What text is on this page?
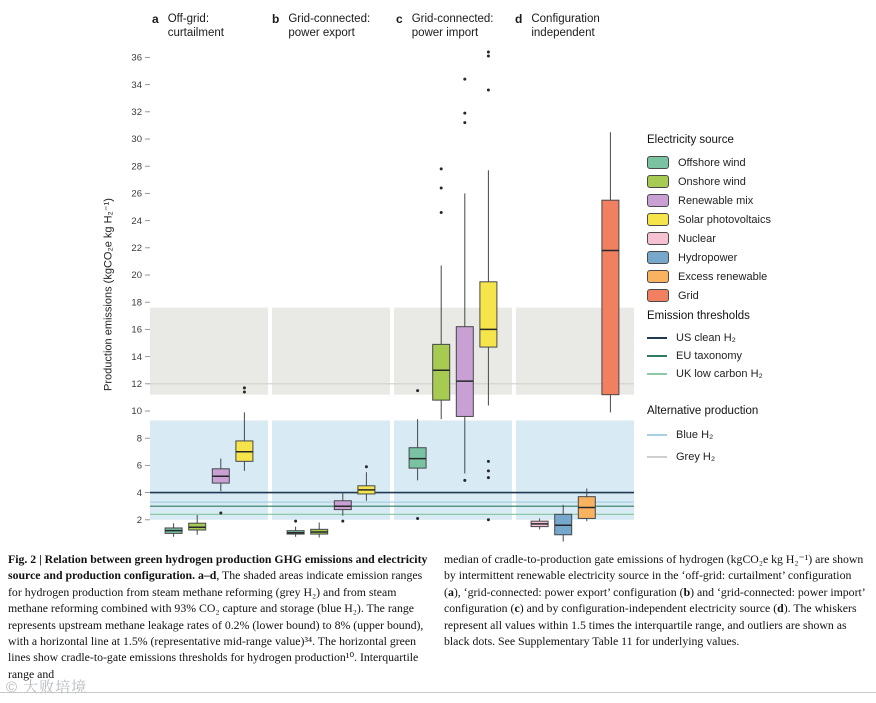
2
4
6
8
10
12
14
16
18
20
22
24
26
28
30
32
34
36
Production emissions (kgCO₂e kg H₂⁻¹)
a Off-grid:
curtailment
b Grid-connected:
power export
c Grid-connected:
power import
d Configuration
independent
Electricity source
Offshore wind
Onshore wind
Renewable mix
Solar photovoltaics
Nuclear
Hydropower
Excess renewable
Grid
Emission thresholds
US clean H₂
EU taxonomy
UK low carbon H₂
Alternative production
Blue H₂
Grey H₂
Fig. 2 | Relation between green hydrogen production GHG emissions and electricity source and production configuration. a–d, The shaded areas indicate emission ranges for hydrogen production from steam methane reforming (grey H₂) and from steam methane reforming combined with 93% CO₂ capture and storage (blue H₂). The range represents upstream methane leakage rates of 0.2% (lower bound) to 8% (upper bound), with a horizontal line at 1.5% (representative mid-range value)³⁴. The horizontal green lines show cradle-to-gate emissions thresholds for hydrogen production¹⁰. Interquartile range and
median of cradle-to-production gate emissions of hydrogen (kgCO₂e kg H₂⁻¹) are shown by intermittent renewable electricity source in the ‘off-grid: curtailment’ configuration (a), ‘grid-connected: power export’ configuration (b) and ‘grid-connected: power import’ configuration (c) and by configuration-independent electricity source (d). The whiskers represent all values within 1.5 times the interquartile range, and outliers are shown as black dots. See Supplementary Table 11 for underlying values.
© 大败培境
